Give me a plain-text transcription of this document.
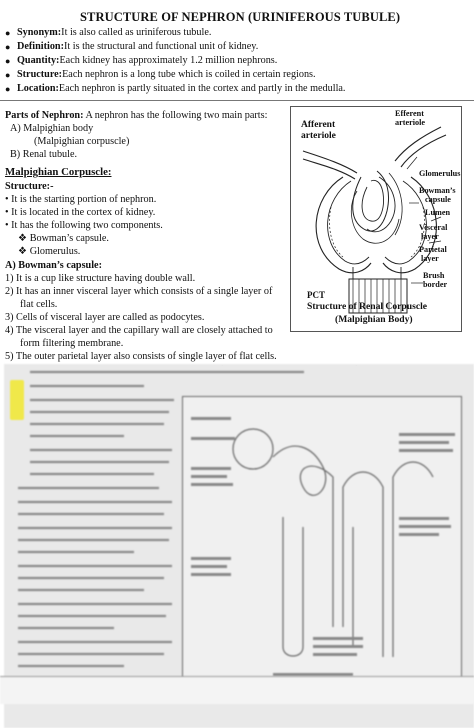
STRUCTURE OF NEPHRON (URINIFEROUS TUBULE)
● Synonym: It is also called as uriniferous tubule.
● Definition: It is the structural and functional unit of kidney.
● Quantity: Each kidney has approximately 1.2 million nephrons.
● Structure: Each nephron is a long tube which is coiled in certain regions.
● Location: Each nephron is partly situated in the cortex and partly in the medulla.
Parts of Nephron: A nephron has the following two main parts:
A) Malpighian body
(Malpighian corpuscle)
B) Renal tubule.
Malpighian Corpuscle:
Structure:-
• It is the starting portion of nephron.
• It is located in the cortex of kidney.
• It has the following two components.
❖ Bowman’s capsule.
❖ Glomerulus.
A) Bowman’s capsule:
1) It is a cup like structure having double wall.
2) It has an inner visceral layer which consists of a single layer of
flat cells.
3) Cells of visceral layer are called as podocytes.
4) The visceral layer and the capillary wall are closely attached to
form filtering membrane.
5) The outer parietal layer also consists of single layer of flat cells.
Efferent
arteriole
Afferent
arteriole
Glomerulus
Bowman’s
capsule
Lumen
Visceral
layer
Parietal
layer
Brush
border
PCT
Structure of Renal Corpuscle
(Malpighian Body)
